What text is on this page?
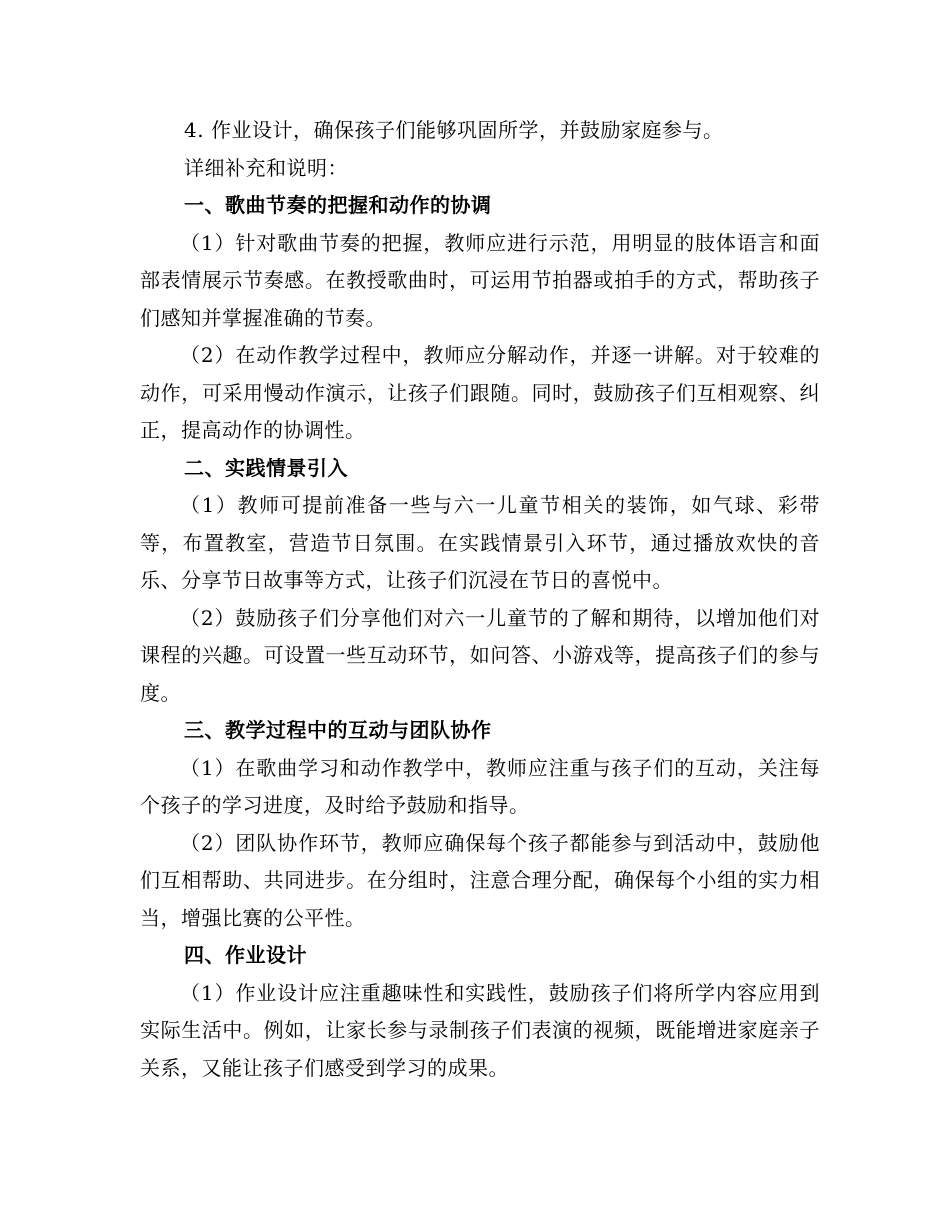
4. 作业设计，确保孩子们能够巩固所学，并鼓励家庭参与。

详细补充和说明：

一、歌曲节奏的把握和动作的协调

（1）针对歌曲节奏的把握，教师应进行示范，用明显的肢体语言和面部表情展示节奏感。在教授歌曲时，可运用节拍器或拍手的方式，帮助孩子们感知并掌握准确的节奏。

（2）在动作教学过程中，教师应分解动作，并逐一讲解。对于较难的动作，可采用慢动作演示，让孩子们跟随。同时，鼓励孩子们互相观察、纠正，提高动作的协调性。

二、实践情景引入

（1）教师可提前准备一些与六一儿童节相关的装饰，如气球、彩带等，布置教室，营造节日氛围。在实践情景引入环节，通过播放欢快的音乐、分享节日故事等方式，让孩子们沉浸在节日的喜悦中。

（2）鼓励孩子们分享他们对六一儿童节的了解和期待，以增加他们对课程的兴趣。可设置一些互动环节，如问答、小游戏等，提高孩子们的参与度。

三、教学过程中的互动与团队协作

（1）在歌曲学习和动作教学中，教师应注重与孩子们的互动，关注每个孩子的学习进度，及时给予鼓励和指导。

（2）团队协作环节，教师应确保每个孩子都能参与到活动中，鼓励他们互相帮助、共同进步。在分组时，注意合理分配，确保每个小组的实力相当，增强比赛的公平性。

四、作业设计

（1）作业设计应注重趣味性和实践性，鼓励孩子们将所学内容应用到实际生活中。例如，让家长参与录制孩子们表演的视频，既能增进家庭亲子关系，又能让孩子们感受到学习的成果。
